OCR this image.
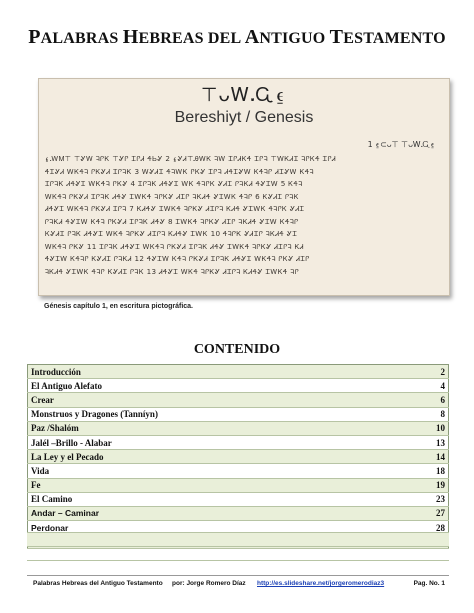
PALABRAS HEBREAS DEL ANTIGUO TESTAMENTO
⊤ᴗᎳ᎐Ꮹ⍷
Bereshiyt / Genesis
1 ⍷⊂ᴗ⊤ ⊤ᴗᎳ᎐Ꮹ⍷
⍷᎐ᎳᎷ⊤ ⊤ᎽᎳ ᎸᎵᏦ ⊤ᎽᎵ ᏆᎵᏗ ᏎᏏᎽ 2 ⍷ᎽᏗ⊤ᎯᎳᏦ ᎸᎳ ᏆᎵᏗᏦᏎ ᏆᎵᎸ ⊤ᎳᏦᏗᏆ ᎸᎵᏦᏎ ᏆᎵᏗ
ᏎᏆᎽᏗ ᎳᏦᏎᎸ ᎵᏦᎽᏗ ᏆᎵᎸᏦ 3 ᎳᎽᏗᏆ ᏎᎸᎳᏦ ᎵᏦᎽ ᏆᎵᎸ ᏗᏎᏆᎽᎳ ᏦᏎᎸᎵ ᏗᏆᎽᎳ ᏦᏎᎸ
ᏆᎵᎸᏦ ᏗᏎᎽᏆ ᎳᏦᏎᎸ ᎵᏦᎽ 4 ᏆᎵᎸᏦ ᏗᏎᎽᏆ ᎳᏦ ᏎᎸᎵᏦ ᎽᏗᏆ ᎵᎸᏦᏗ ᏎᎽᏆᎳ 5 ᏦᏎᎸ
ᎳᏦᏎᎸ ᎵᏦᎽᏗ ᏆᎵᎸᏦ ᏗᏎᎽ ᏆᎳᏦᏎ ᎸᎵᏦᎽ ᏗᏆᎵ ᎸᏦᏗᏎ ᎽᏆᎳᏦ ᏎᎸᎵ 6 ᏦᎽᏗᏆ ᎵᎸᏦ
ᏗᏎᎽᏆ ᎳᏦᏎᎸ ᎵᏦᎽᏗ ᏆᎵᎸ 7 ᏦᏗᏎᎽ ᏆᎳᏦᏎ ᎸᎵᏦᎽ ᏗᏆᎵᎸ ᏦᏗᏎ ᎽᏆᎳᏦ ᏎᎸᎵᏦ ᎽᏗᏆ
ᎵᎸᏦᏗ ᏎᎽᏆᎳ ᏦᏎᎸ ᎵᏦᎽᏗ ᏆᎵᎸᏦ ᏗᏎᎽ 8 ᏆᎳᏦᏎ ᎸᎵᏦᎽ ᏗᏆᎵ ᎸᏦᏗᏎ ᎽᏆᎳ ᏦᏎᎸᎵ
ᏦᎽᏗᏆ ᎵᎸᏦ ᏗᏎᎽᏆ ᎳᏦᏎ ᎸᎵᏦᎽ ᏗᏆᎵᎸ ᏦᏗᏎᎽ ᏆᎳᏦ 10 ᏎᎸᎵᏦ ᎽᏗᏆᎵ ᎸᏦᏗᏎ ᎽᏆ
ᎳᏦᏎᎸ ᎵᏦᎽ 11 ᏆᎵᎸᏦ ᏗᏎᎽᏆ ᎳᏦᏎᎸ ᎵᏦᎽᏗ ᏆᎵᎸᏦ ᏗᏎᎽ ᏆᎳᏦᏎ ᎸᎵᏦᎽ ᏗᏆᎵᎸ ᏦᏗ
ᏎᎽᏆᎳ ᏦᏎᎸᎵ ᏦᎽᏗᏆ ᎵᎸᏦᏗ 12 ᏎᎽᏆᎳ ᏦᏎᎸ ᎵᏦᎽᏗ ᏆᎵᎸᏦ ᏗᏎᎽᏆ ᎳᏦᏎᎸ ᎵᏦᎽ ᏗᏆᎵ
ᎸᏦᏗᏎ ᎽᏆᎳᏦ ᏎᎸᎵ ᏦᎽᏗᏆ ᎵᎸᏦ 13 ᏗᏎᎽᏆ ᎳᏦᏎ ᎸᎵᏦᎽ ᏗᏆᎵᎸ ᏦᏗᏎᎽ ᏆᎳᏦᏎ ᎸᎵ
Génesis capítulo 1, en escritura pictográfica.
CONTENIDO
Introducción	2
El Antiguo Alefato	4
Crear	6
Monstruos y Dragones (Tanníyn)	8
Paz /Shalóm	10
Jalél –Brillo - Alabar	13
La Ley y el Pecado	14
Vida	18
Fe	19
El Camino	23
Andar – Caminar	27
Perdonar	28

Palabras Hebreas del Antiguo Testamento por: Jorge Romero Díaz http://es.slideshare.net/jorgeromerodiaz3	Pag. No. 1
